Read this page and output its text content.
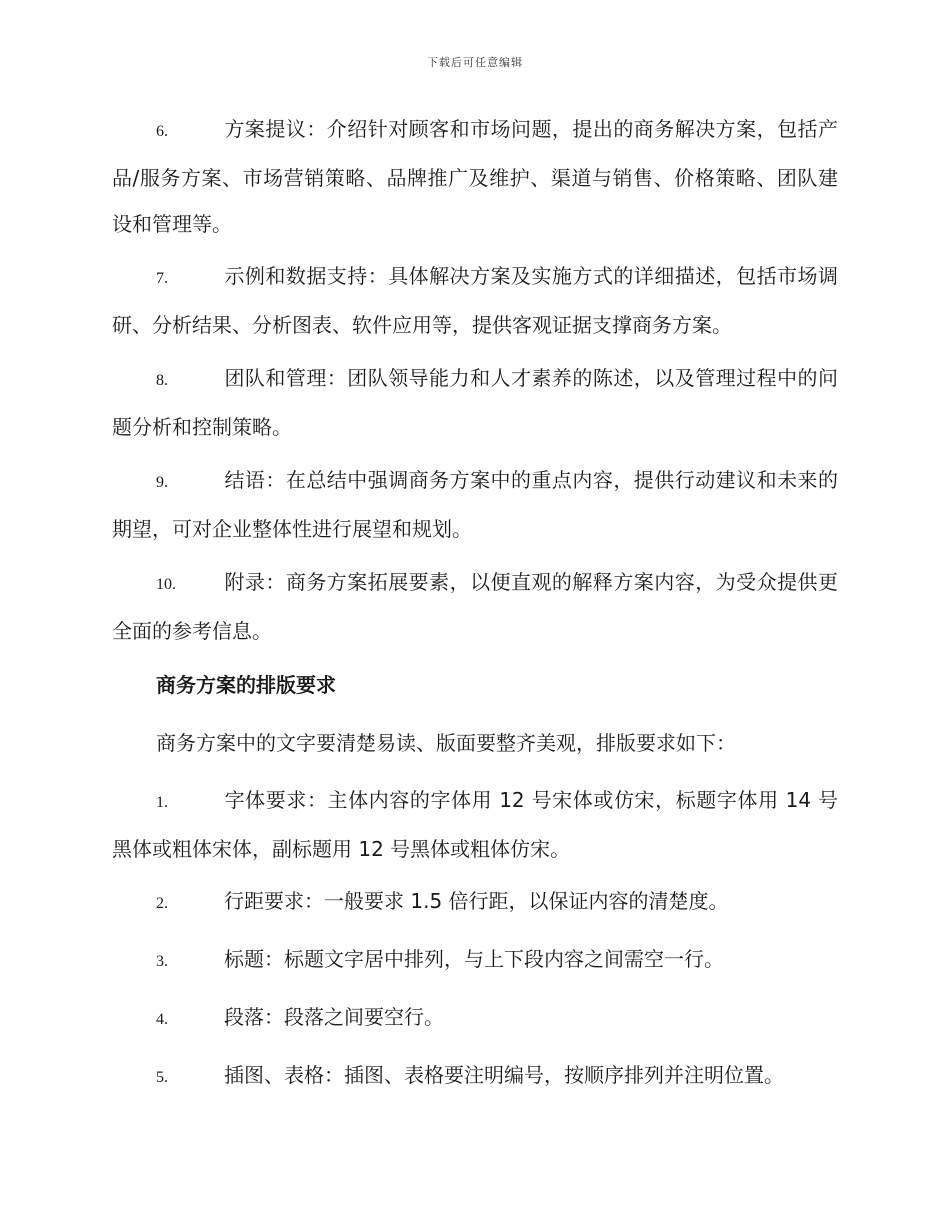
下载后可任意编辑
6.	方案提议：介绍针对顾客和市场问题，提出的商务解决方案，包括产品/服务方案、市场营销策略、品牌推广及维护、渠道与销售、价格策略、团队建设和管理等。
7.	示例和数据支持：具体解决方案及实施方式的详细描述，包括市场调研、分析结果、分析图表、软件应用等，提供客观证据支撑商务方案。
8.	团队和管理：团队领导能力和人才素养的陈述，以及管理过程中的问题分析和控制策略。
9.	结语：在总结中强调商务方案中的重点内容，提供行动建议和未来的期望，可对企业整体性进行展望和规划。
10. 附录：商务方案拓展要素，以便直观的解释方案内容，为受众提供更全面的参考信息。
商务方案的排版要求
商务方案中的文字要清楚易读、版面要整齐美观，排版要求如下：
1.	字体要求：主体内容的字体用 12 号宋体或仿宋，标题字体用 14 号黑体或粗体宋体，副标题用 12 号黑体或粗体仿宋。
2.	行距要求：一般要求 1.5 倍行距，以保证内容的清楚度。
3.	标题：标题文字居中排列，与上下段内容之间需空一行。
4.	段落：段落之间要空行。
5.	插图、表格：插图、表格要注明编号，按顺序排列并注明位置。
